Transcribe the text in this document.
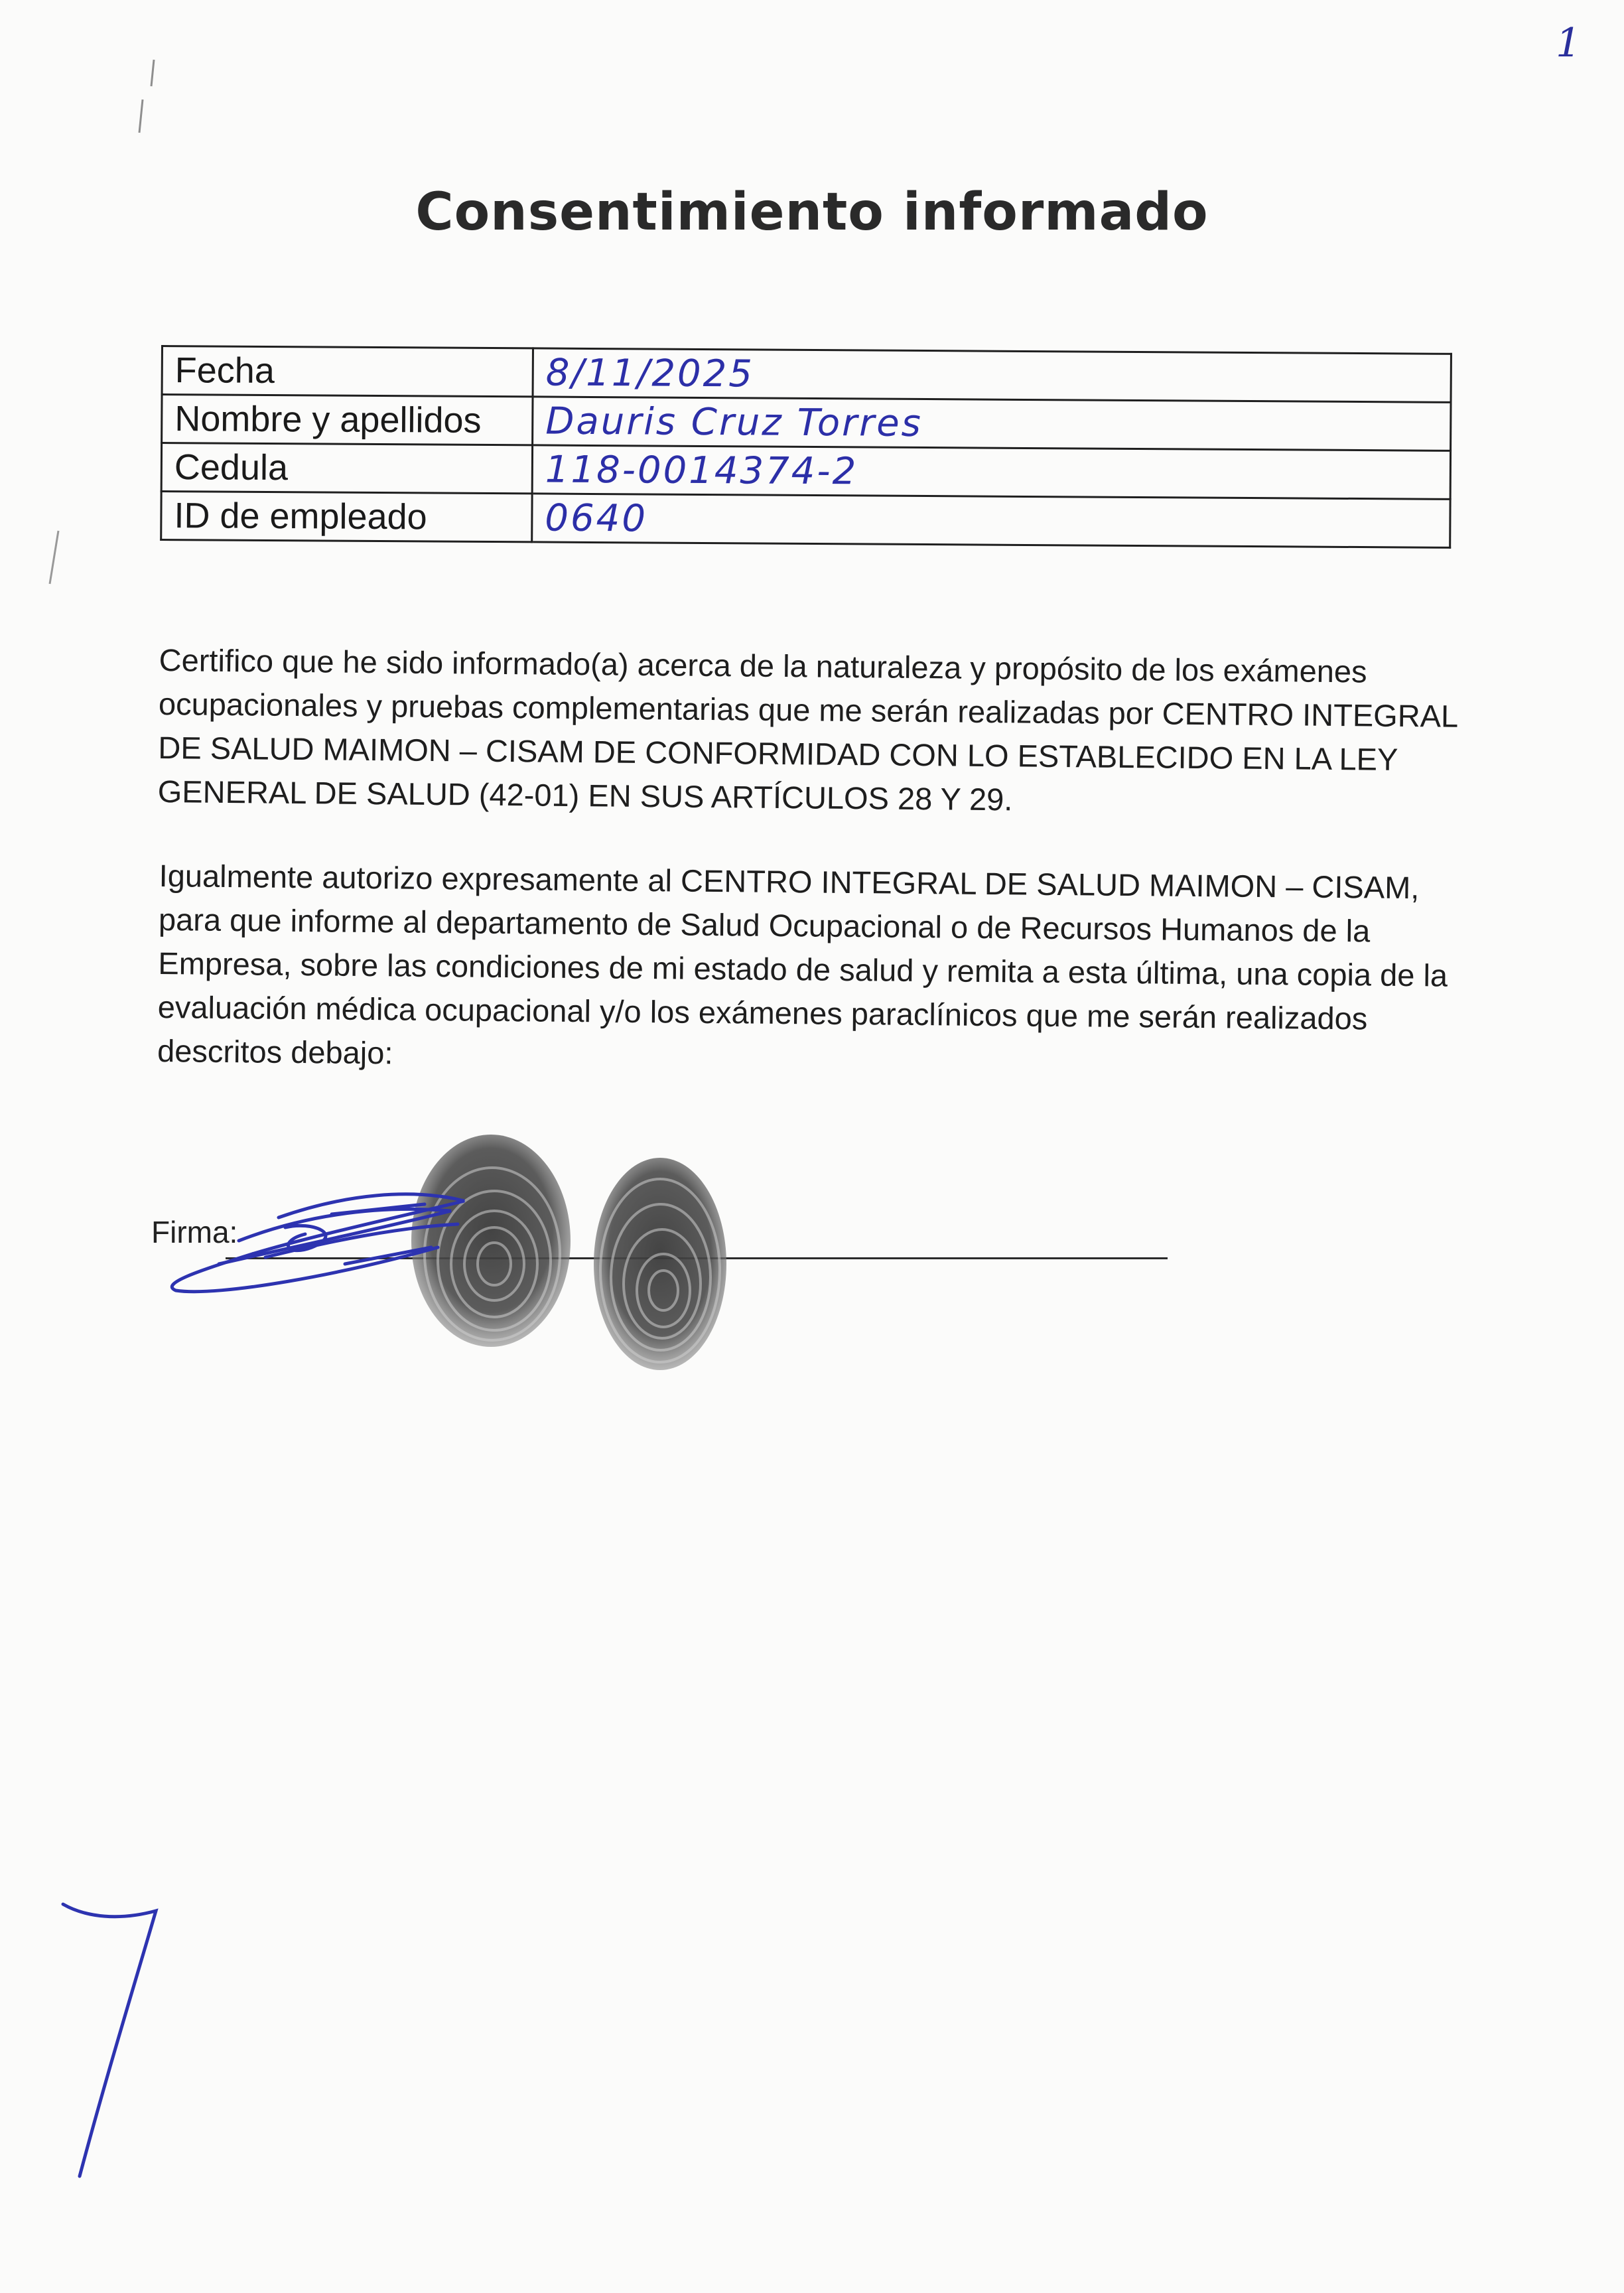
1
Consentimiento informado
Fecha	8/11/2025
Nombre y apellidos	Dauris Cruz Torres
Cedula	118-0014374-2
ID de empleado	0640

Certifico que he sido informado(a) acerca de la naturaleza y propósito de los exámenes ocupacionales y pruebas complementarias que me serán realizadas por CENTRO INTEGRAL DE SALUD MAIMON – CISAM DE CONFORMIDAD CON LO ESTABLECIDO EN LA LEY GENERAL DE SALUD (42-01) EN SUS ARTÍCULOS 28 Y 29.

Igualmente autorizo expresamente al CENTRO INTEGRAL DE SALUD MAIMON – CISAM, para que informe al departamento de Salud Ocupacional o de Recursos Humanos de la Empresa, sobre las condiciones de mi estado de salud y remita a esta última, una copia de la evaluación médica ocupacional y/o los exámenes paraclínicos que me serán realizados descritos debajo:

Firma:
